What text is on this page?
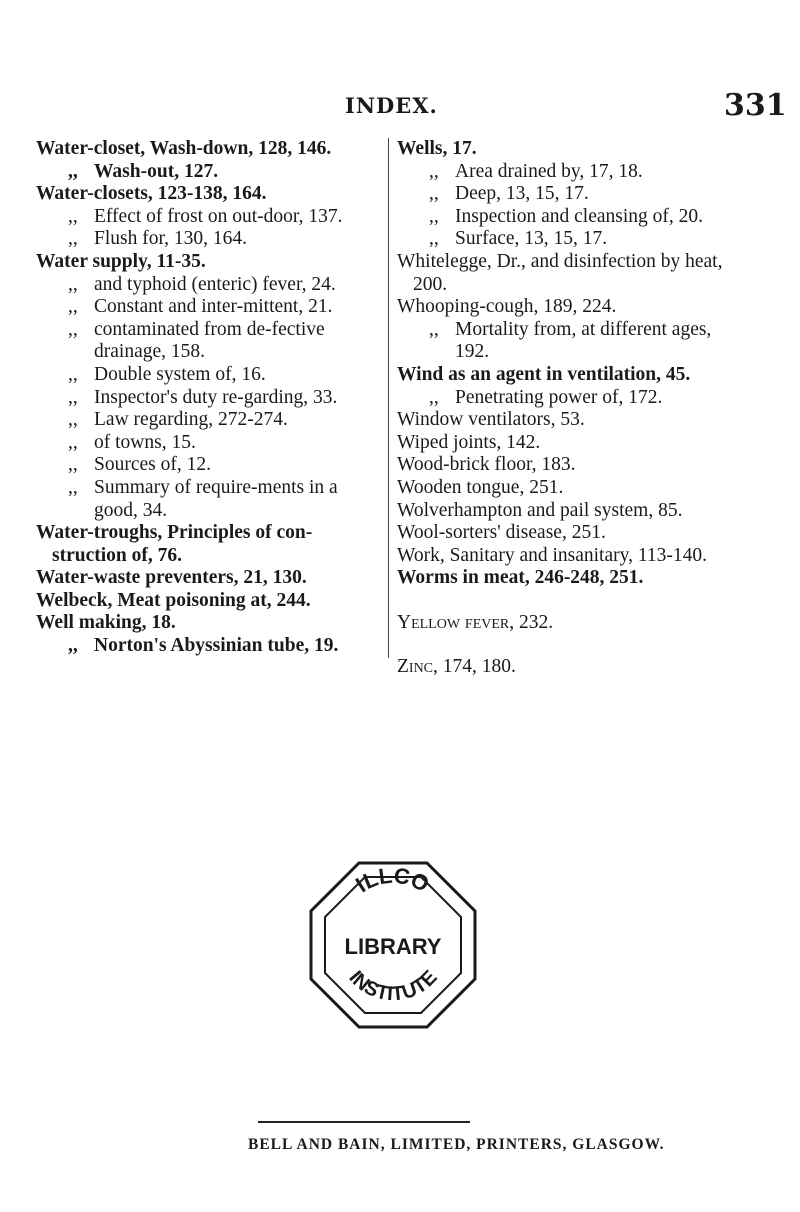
INDEX.	331
Water-closet, Wash-down, 128, 146.
,, Wash-out, 127.
Water-closets, 123-138, 164.
,, Effect of frost on out-door, 137.
,, Flush for, 130, 164.
Water supply, 11-35.
,, and typhoid (enteric) fever, 24.
,, Constant and inter-mittent, 21.
,, contaminated from de-fective drainage, 158.
,, Double system of, 16.
,, Inspector's duty re-garding, 33.
,, Law regarding, 272-274.
,, of towns, 15.
,, Sources of, 12.
,, Summary of require-ments in a good, 34.
Water-troughs, Principles of con-struction of, 76.
Water-waste preventers, 21, 130.
Welbeck, Meat poisoning at, 244.
Well making, 18.
,, Norton's Abyssinian tube, 19.
Wells, 17.
,, Area drained by, 17, 18.
,, Deep, 13, 15, 17.
,, Inspection and cleansing of, 20.
,, Surface, 13, 15, 17.
Whitelegge, Dr., and disinfection by heat, 200.
Whooping-cough, 189, 224.
,, Mortality from, at different ages, 192.
Wind as an agent in ventilation, 45.
,, Penetrating power of, 172.
Window ventilators, 53.
Wiped joints, 142.
Wood-brick floor, 183.
Wooden tongue, 251.
Wolverhampton and pail system, 85.
Wool-sorters' disease, 251.
Work, Sanitary and insanitary, 113-140.
Worms in meat, 246-248, 251.
Yellow fever, 232.
Zinc, 174, 180.
ILLCO
LIBRARY
INSTITUTE
BELL AND BAIN, LIMITED, PRINTERS, GLASGOW.
